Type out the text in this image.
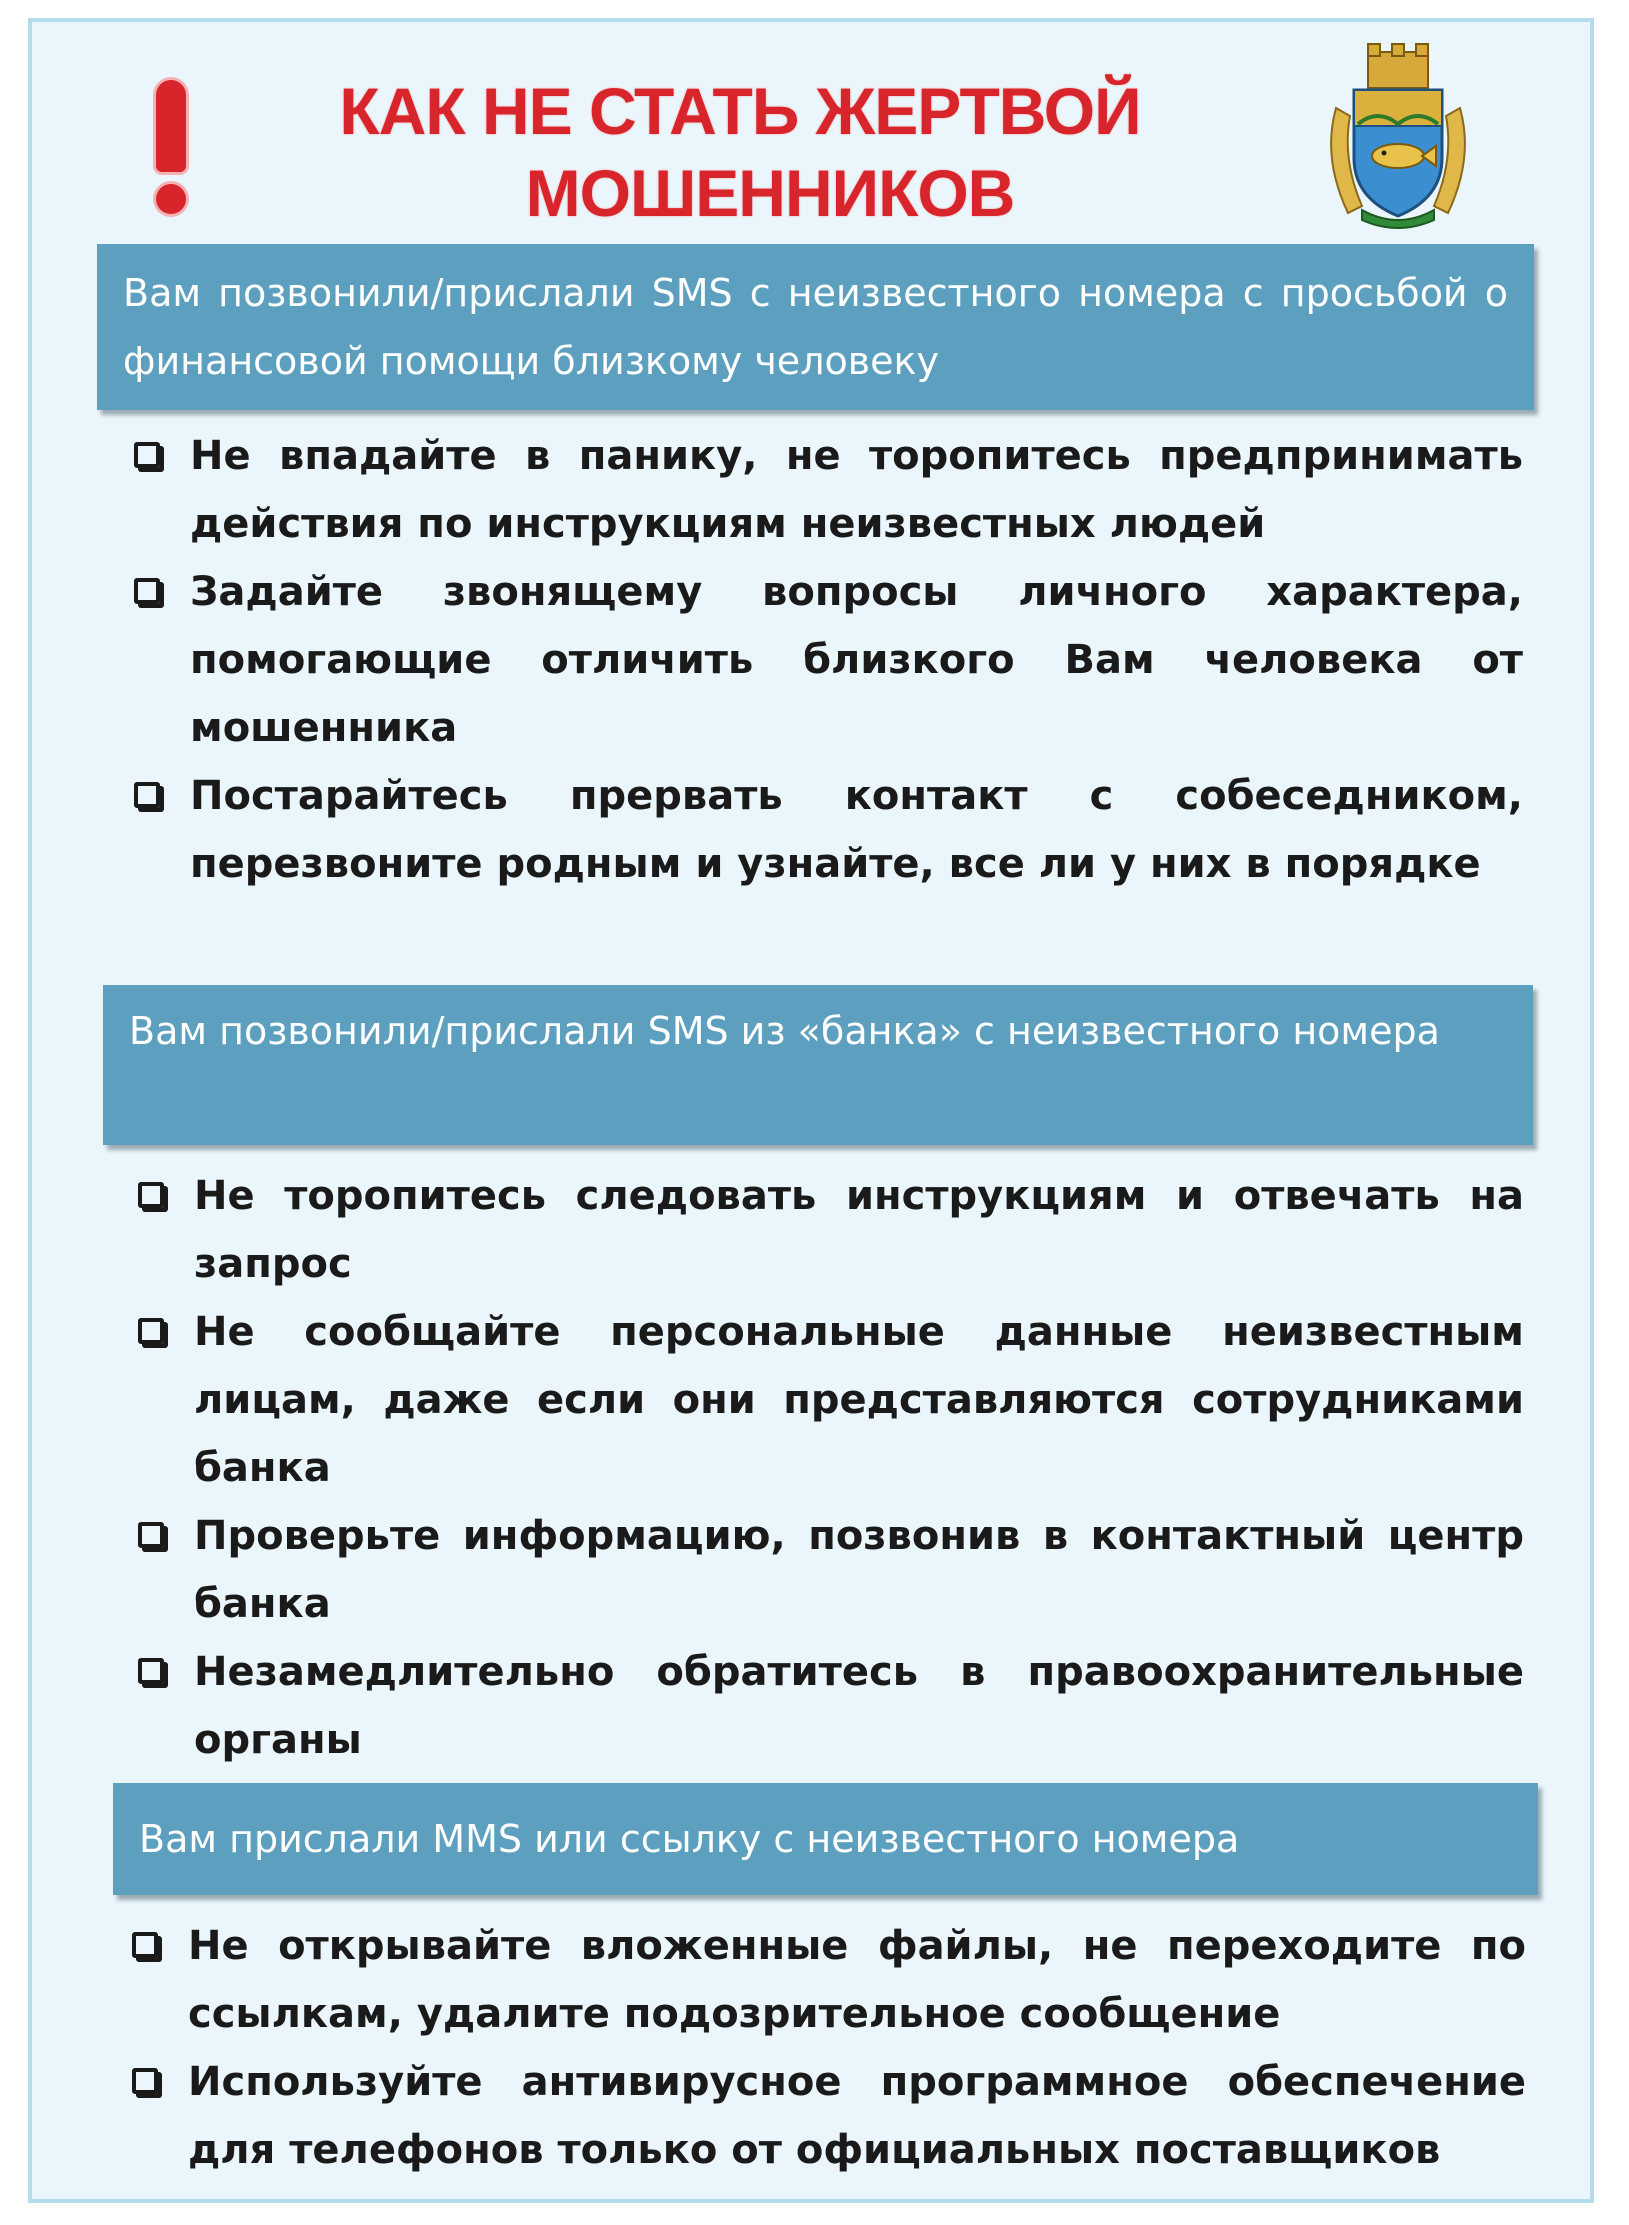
КАК НЕ СТАТЬ ЖЕРТВОЙ
МОШЕННИКОВ
Вам позвонили/прислали SMS с неизвестного номера с просьбой о финансовой помощи близкому человеку
Не впадайте в панику, не торопитесь предпринимать действия по инструкциям неизвестных людей
Задайте звонящему вопросы личного характера, помогающие отличить близкого Вам человека от мошенника
Постарайтесь прервать контакт с собеседником, перезвоните родным и узнайте, все ли у них в порядке
Вам позвонили/прислали SMS из «банка» с неизвестного номера
Не торопитесь следовать инструкциям и отвечать на запрос
Не сообщайте персональные данные неизвестным лицам, даже если они представляются сотрудниками банка
Проверьте информацию, позвонив в контактный центр банка
Незамедлительно обратитесь в правоохранительные органы
Вам прислали MMS или ссылку с неизвестного номера
Не открывайте вложенные файлы, не переходите по ссылкам, удалите подозрительное сообщение
Используйте антивирусное программное обеспечение для телефонов только от официальных поставщиков
